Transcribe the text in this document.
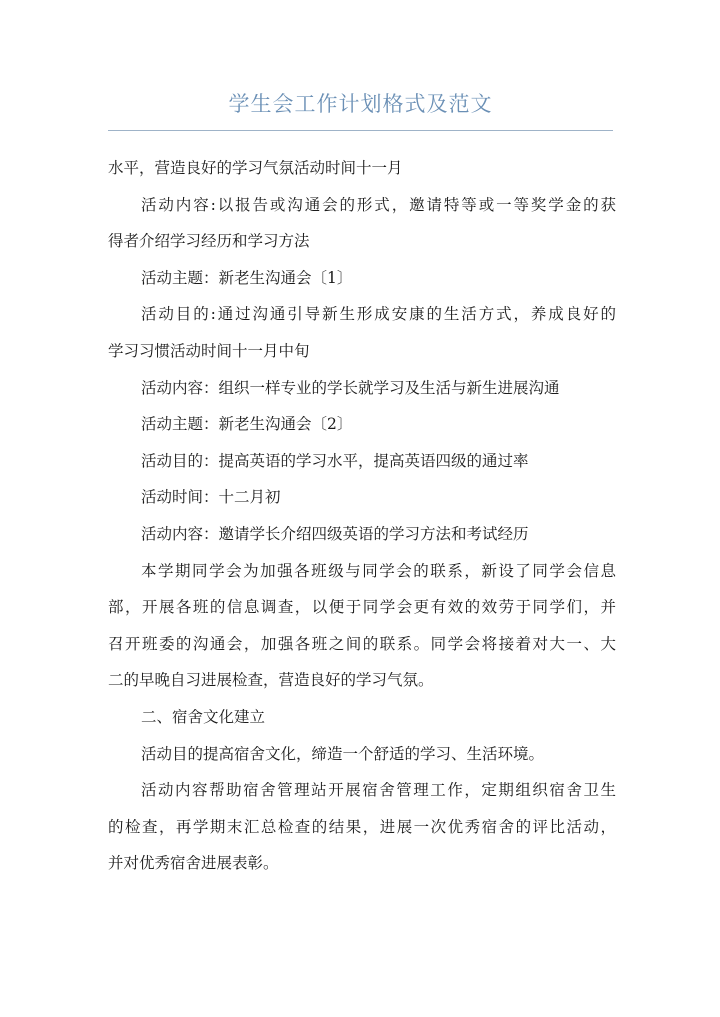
学生会工作计划格式及范文
水平，营造良好的学习气氛活动时间十一月
活动内容:以报告或沟通会的形式，邀请特等或一等奖学金的获
得者介绍学习经历和学习方法
活动主题：新老生沟通会〔1〕
活动目的:通过沟通引导新生形成安康的生活方式，养成良好的
学习习惯活动时间十一月中旬
活动内容：组织一样专业的学长就学习及生活与新生进展沟通
活动主题：新老生沟通会〔2〕
活动目的：提高英语的学习水平，提高英语四级的通过率
活动时间：十二月初
活动内容：邀请学长介绍四级英语的学习方法和考试经历
本学期同学会为加强各班级与同学会的联系，新设了同学会信息
部，开展各班的信息调查，以便于同学会更有效的效劳于同学们，并
召开班委的沟通会，加强各班之间的联系。同学会将接着对大一、大
二的早晚自习进展检查，营造良好的学习气氛。
二、宿舍文化建立
活动目的提高宿舍文化，缔造一个舒适的学习、生活环境。
活动内容帮助宿舍管理站开展宿舍管理工作，定期组织宿舍卫生
的检查，再学期末汇总检查的结果，进展一次优秀宿舍的评比活动，
并对优秀宿舍进展表彰。
